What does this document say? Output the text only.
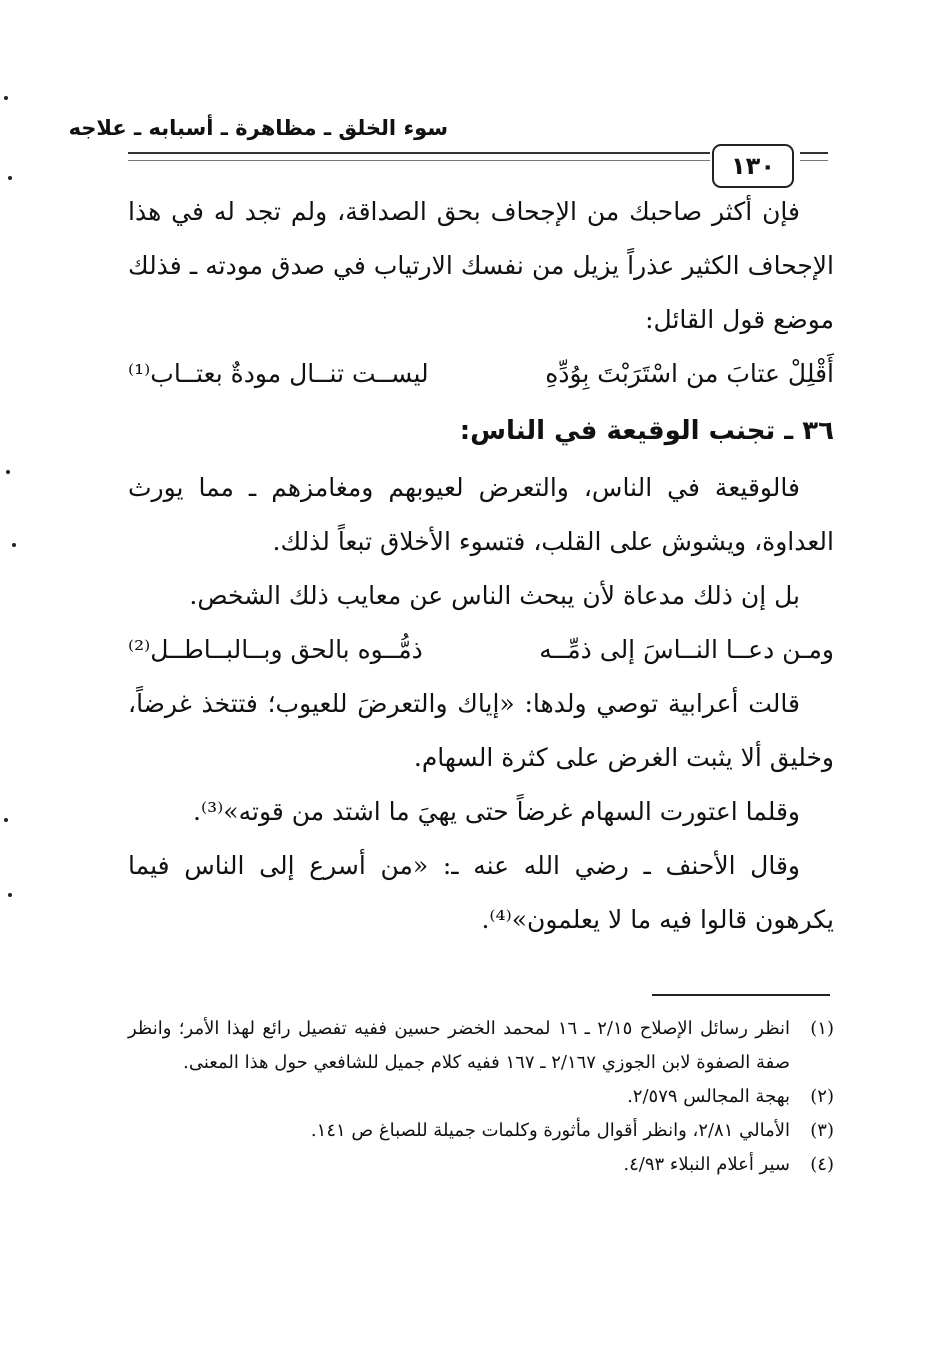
سوء الخلق ـ مظاهرة ـ أسبابه ـ علاجه
١٣٠

فإن أكثر صاحبك من الإجحاف بحق الصداقة، ولم تجد له في هذا الإجحاف الكثير عذراً يزيل من نفسك الارتياب في صدق مودته ـ فذلك موضع قول القائل:

أَقْلِلْ عتابَ من اسْتَرَبْتَ بِوُدِّهِ
ليســت تنــال مودةٌ بعتــاب⁽¹⁾
٣٦ ـ تجنب الوقيعة في الناس:

فالوقيعة في الناس، والتعرض لعيوبهم ومغامزهم ـ مما يورث العداوة، ويشوش على القلب، فتسوء الأخلاق تبعاً لذلك.

بل إن ذلك مدعاة لأن يبحث الناس عن معايب ذلك الشخص.

ومـن دعــا النــاسَ إلى ذمِّــه
ذمُّــوه بالحق وبــالبــاطــل⁽²⁾

قالت أعرابية توصي ولدها: «إياك والتعرضَ للعيوب؛ فتتخذ غرضاً، وخليق ألا يثبت الغرض على كثرة السهام.

وقلما اعتورت السهام غرضاً حتى يهيَ ما اشتد من قوته»⁽³⁾.

وقال الأحنف ـ رضي الله عنه ـ: «من أسرع إلى الناس فيما يكرهون قالوا فيه ما لا يعلمون»⁽⁴⁾.

(١)
انظر رسائل الإصلاح ٢/١٥ ـ ١٦ لمحمد الخضر حسين ففيه تفصيل رائع لهذا الأمر؛ وانظر صفة الصفوة لابن الجوزي ٢/١٦٧ ـ ١٦٧ ففيه كلام جميل للشافعي حول هذا المعنى.
(٢)
بهجة المجالس ٢/٥٧٩.
(٣)
الأمالي ٢/٨١، وانظر أقوال مأثورة وكلمات جميلة للصباغ ص ١٤١.
(٤)
سير أعلام النبلاء ٤/٩٣.
